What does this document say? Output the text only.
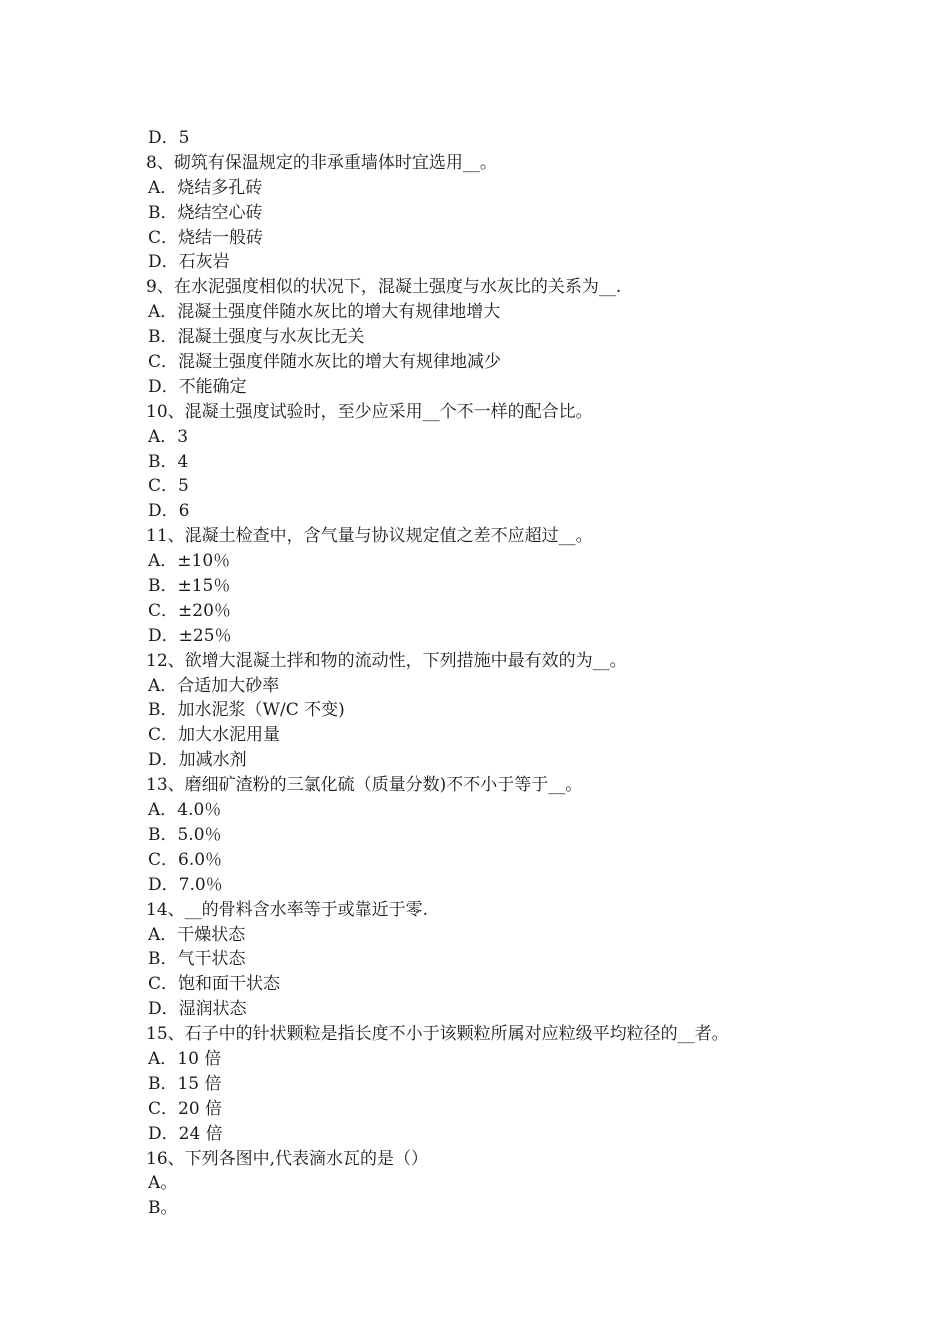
D．5
8、砌筑有保温规定的非承重墙体时宜选用__。
A．烧结多孔砖
B．烧结空心砖
C．烧结一般砖
D．石灰岩
9、在水泥强度相似的状况下，混凝土强度与水灰比的关系为__.
A．混凝土强度伴随水灰比的增大有规律地增大
B．混凝土强度与水灰比无关
C．混凝土强度伴随水灰比的增大有规律地减少
D．不能确定
10、混凝土强度试验时，至少应采用__个不一样的配合比。
A．3
B．4
C．5
D．6
11、混凝土检查中，含气量与协议规定值之差不应超过__。
A．±10％
B．±15％
C．±20％
D．±25％
12、欲增大混凝土拌和物的流动性，下列措施中最有效的为__。
A．合适加大砂率
B．加水泥浆（W/C 不变)
C．加大水泥用量
D．加减水剂
13、磨细矿渣粉的三氯化硫（质量分数)不不小于等于__。
A．4.0％
B．5.0％
C．6.0％
D．7.0％
14、__的骨料含水率等于或靠近于零.
A．干燥状态
B．气干状态
C．饱和面干状态
D．湿润状态
15、石子中的针状颗粒是指长度不小于该颗粒所属对应粒级平均粒径的__者。
A．10 倍
B．15 倍
C．20 倍
D．24 倍
16、下列各图中,代表滴水瓦的是（）
A。
B。
